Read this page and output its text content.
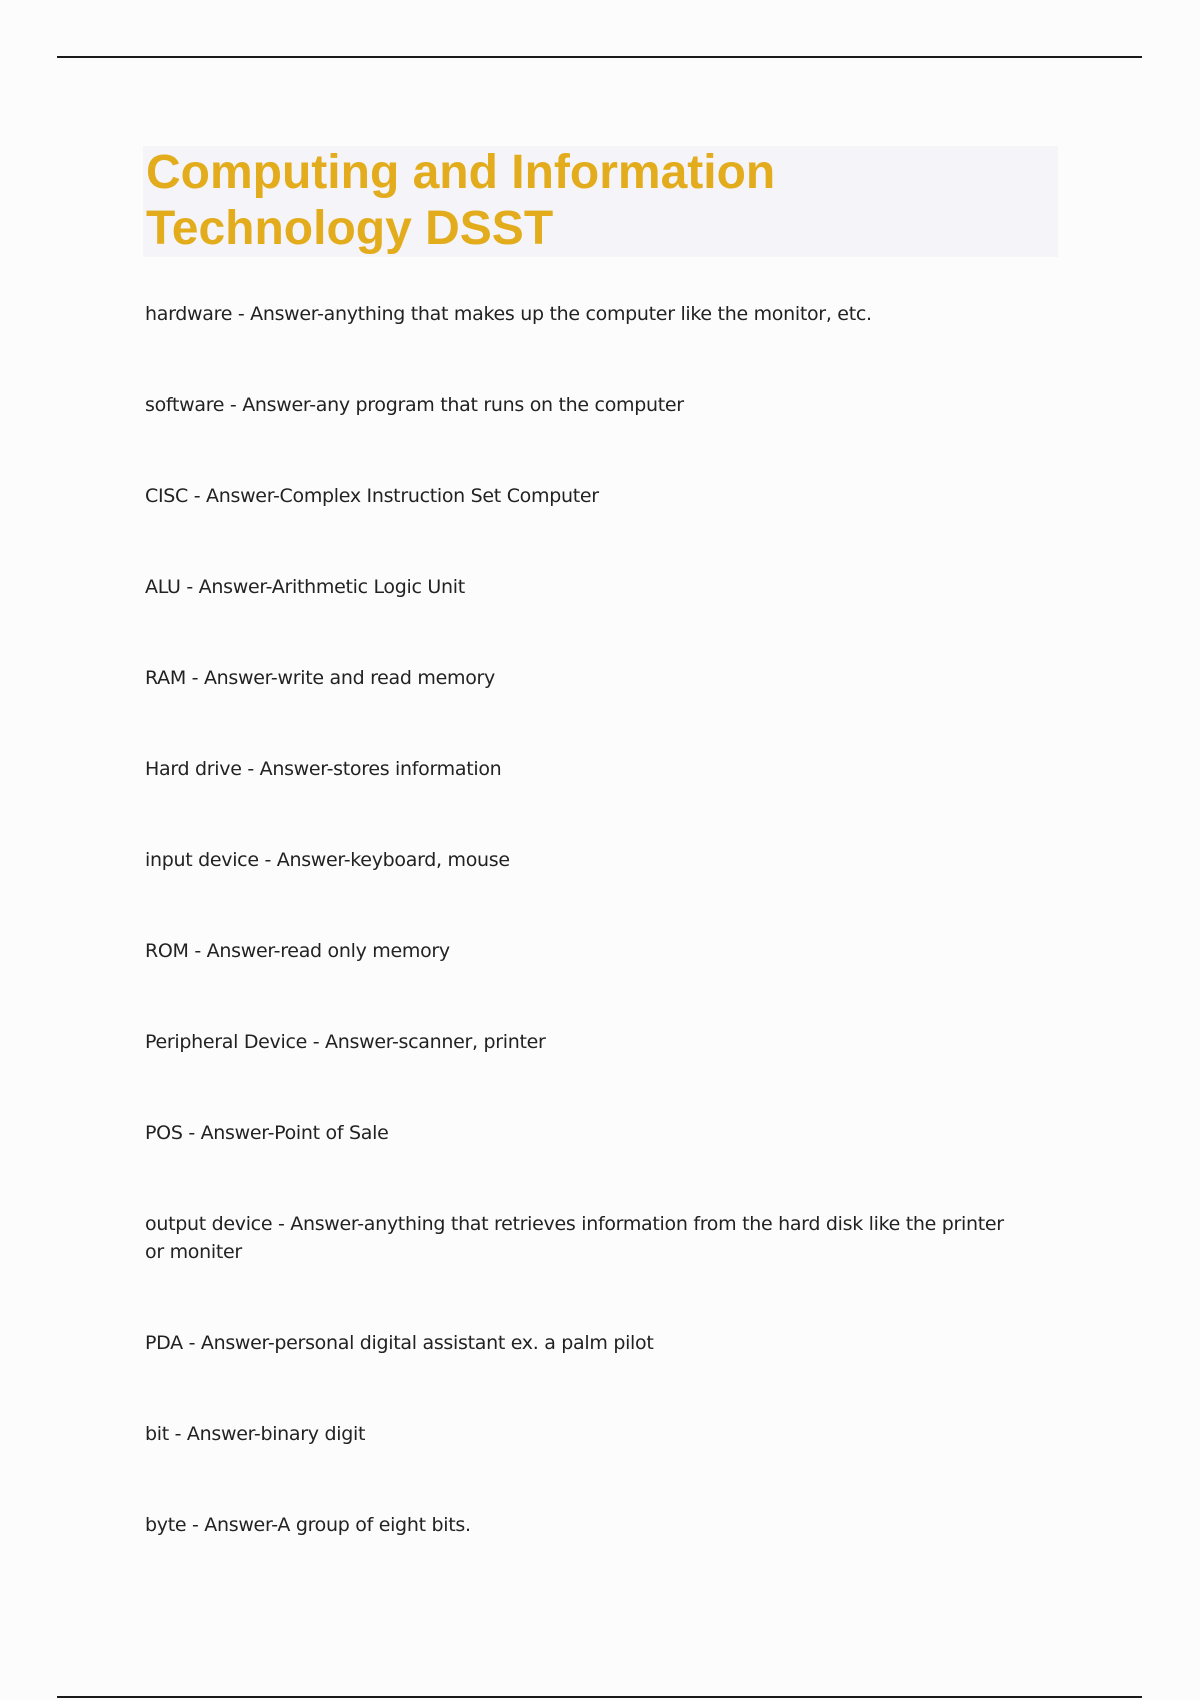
Computing and Information Technology DSST
hardware - Answer-anything that makes up the computer like the monitor, etc.
software - Answer-any program that runs on the computer
CISC - Answer-Complex Instruction Set Computer
ALU - Answer-Arithmetic Logic Unit
RAM - Answer-write and read memory
Hard drive - Answer-stores information
input device - Answer-keyboard, mouse
ROM - Answer-read only memory
Peripheral Device - Answer-scanner, printer
POS - Answer-Point of Sale
output device - Answer-anything that retrieves information from the hard disk like the printer or moniter
PDA - Answer-personal digital assistant ex. a palm pilot
bit - Answer-binary digit
byte - Answer-A group of eight bits.
